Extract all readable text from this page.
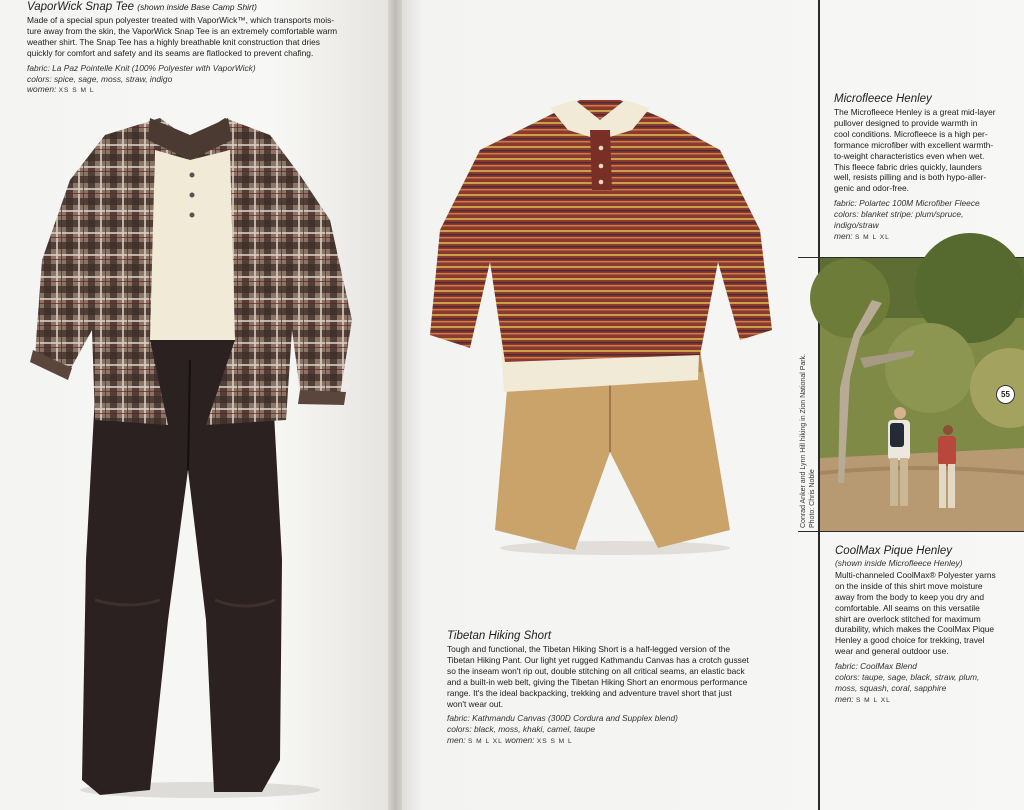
VaporWick Snap Tee (shown inside Base Camp Shirt)
Made of a special spun polyester treated with VaporWick™, which transports mois-
ture away from the skin, the VaporWick Snap Tee is an extremely comfortable warm
weather shirt. The Snap Tee has a highly breathable knit construction that dries
quickly for comfort and safety and its seams are flatlocked to prevent chafing.
fabric: La Paz Pointelle Knit (100% Polyester with VaporWick)
colors: spice, sage, moss, straw, indigo
women: XS S M L
Microfleece Henley
The Microfleece Henley is a great mid-layer
pullover designed to provide warmth in
cool conditions. Microfleece is a high per-
formance microfiber with excellent warmth-
to-weight characteristics even when wet.
This fleece fabric dries quickly, launders
well, resists pilling and is both hypo-aller-
genic and odor-free.
fabric: Polartec 100M Microfiber Fleece
colors: blanket stripe: plum/spruce,
indigo/straw
men: S M L XL
55
Conrad Anker and Lynn Hill hiking in Zion National Park. Photo: Chris Noble
CoolMax Pique Henley
(shown inside Microfleece Henley)
Multi-channeled CoolMax® Polyester yarns
on the inside of this shirt move moisture
away from the body to keep you dry and
comfortable. All seams on this versatile
shirt are overlock stitched for maximum
durability, which makes the CoolMax Pique
Henley a good choice for trekking, travel
wear and general outdoor use.
fabric: CoolMax Blend
colors: taupe, sage, black, straw, plum,
moss, squash, coral, sapphire
men: S M L XL
Tibetan Hiking Short
Tough and functional, the Tibetan Hiking Short is a half-legged version of the
Tibetan Hiking Pant. Our light yet rugged Kathmandu Canvas has a crotch gusset
so the inseam won't rip out, double stitching on all critical seams, an elastic back
and a built-in web belt, giving the Tibetan Hiking Short an enormous performance
range. It's the ideal backpacking, trekking and adventure travel short that just
won't wear out.
fabric: Kathmandu Canvas (300D Cordura and Supplex blend)
colors: black, moss, khaki, camel, taupe
men: S M L XL women: XS S M L
